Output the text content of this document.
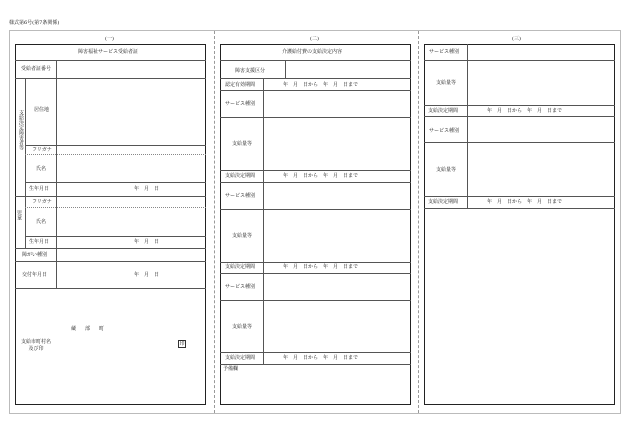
様式第6号(第7条関係)
(一)	(二)	(三)
障害福祉サービス受給者証
受給者証番号
支給決定障害者等 居住地
フリガナ
氏名
生年月日	年　月　日
児童
フリガナ
氏名
生年月日	年　月　日
障がい種別
交付年月日	年　月　日
蔵　部　町
支給市町村名
及び印
印
介護給付費の支給決定内容
障害支援区分
認定有効期間	年　月　日から　年　月　日まで
サービス種別
支給量等
支給決定期間	年　月　日から　年　月　日まで
サービス種別
支給量等
支給決定期間	年　月　日から　年　月　日まで
サービス種別
支給量等
支給決定期間	年　月　日から　年　月　日まで
予備欄
サービス種別
支給量等
支給決定期間	年　月　日から　年　月　日まで
サービス種別
支給量等
支給決定期間	年　月　日から　年　月　日まで
